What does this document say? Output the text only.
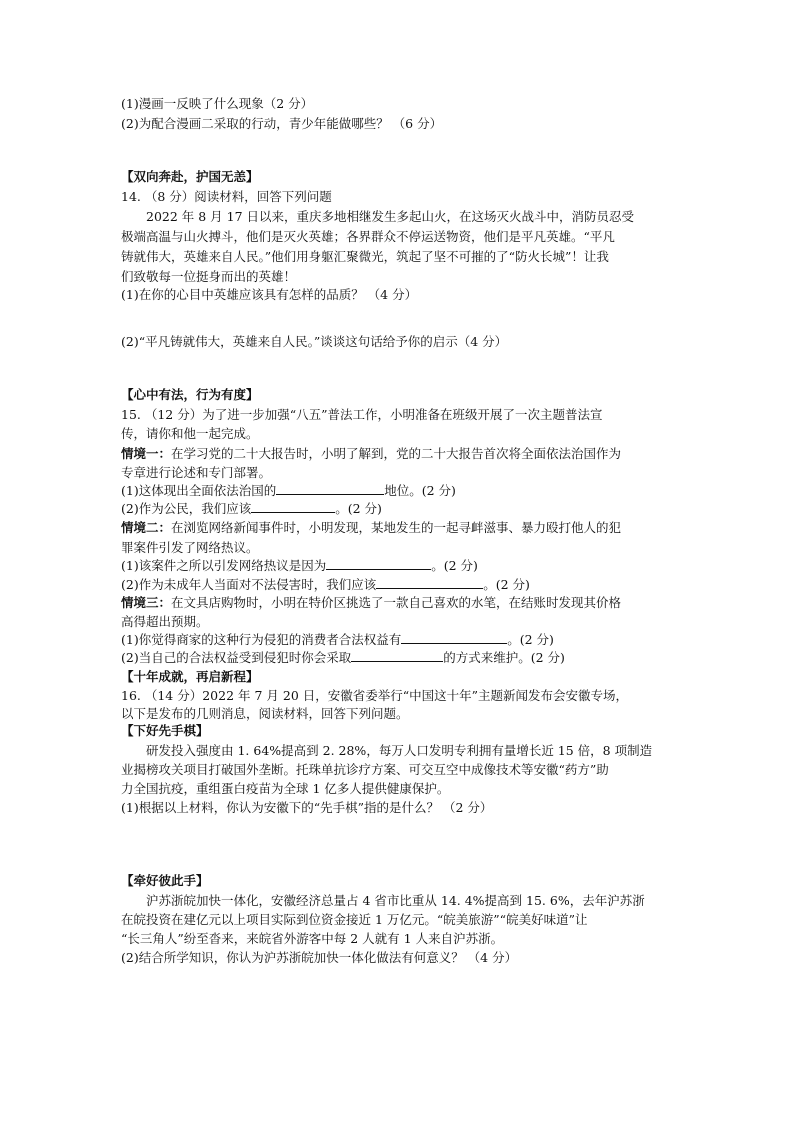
(1)漫画一反映了什么现象（2 分）
(2)为配合漫画二采取的行动，青少年能做哪些？ （6 分）
【双向奔赴，护国无恙】
14. （8 分）阅读材料，回答下列问题
2022 年 8 月 17 日以来，重庆多地相继发生多起山火，在这场灭火战斗中，消防员忍受
极端高温与山火搏斗，他们是灭火英雄；各界群众不停运送物资，他们是平凡英雄。“平凡
铸就伟大，英雄来自人民。”他们用身躯汇聚微光，筑起了坚不可摧的了“防火长城”！让我
们致敬每一位挺身而出的英雄！
(1)在你的心目中英雄应该具有怎样的品质？ （4 分）
(2)“平凡铸就伟大，英雄来自人民。”谈谈这句话给予你的启示（4 分）
【心中有法，行为有度】
15. （12 分）为了进一步加强“八五”普法工作，小明准备在班级开展了一次主题普法宣
传，请你和他一起完成。
情境一：在学习党的二十大报告时，小明了解到，党的二十大报告首次将全面依法治国作为
专章进行论述和专门部署。
(1)这体现出全面依法治国的	地位。(2 分)
(2)作为公民，我们应该	。(2 分)
情境二：在浏览网络新闻事件时，小明发现，某地发生的一起寻衅滋事、暴力殴打他人的犯
罪案件引发了网络热议。
(1)该案件之所以引发网络热议是因为	。(2 分)
(2)作为未成年人当面对不法侵害时，我们应该	。(2 分)
情境三：在文具店购物时，小明在特价区挑选了一款自己喜欢的水笔，在结账时发现其价格
高得超出预期。
(1)你觉得商家的这种行为侵犯的消费者合法权益有	。(2 分)
(2)当自己的合法权益受到侵犯时你会采取	的方式来维护。(2 分)
【十年成就，再启新程】
16. （14 分）2022 年 7 月 20 日，安徽省委举行“中国这十年”主题新闻发布会安徽专场，
以下是发布的几则消息，阅读材料，回答下列问题。
【下好先手棋】
研发投入强度由 1. 64%提高到 2. 28%，每万人口发明专利拥有量增长近 15 倍，8 项制造
业揭榜攻关项目打破国外垄断。托珠单抗诊疗方案、可交互空中成像技术等安徽“药方”助
力全国抗疫，重组蛋白疫苗为全球 1 亿多人提供健康保护。
(1)根据以上材料，你认为安徽下的“先手棋”指的是什么？ （2 分）
【牵好彼此手】
沪苏浙皖加快一体化，安徽经济总量占 4 省市比重从 14. 4%提高到 15. 6%，去年沪苏浙
在皖投资在建亿元以上项目实际到位资金接近 1 万亿元。“皖美旅游”“皖美好味道”让
“长三角人”纷至沓来，来皖省外游客中每 2 人就有 1 人来自沪苏浙。
(2)结合所学知识，你认为沪苏浙皖加快一体化做法有何意义？ （4 分）
